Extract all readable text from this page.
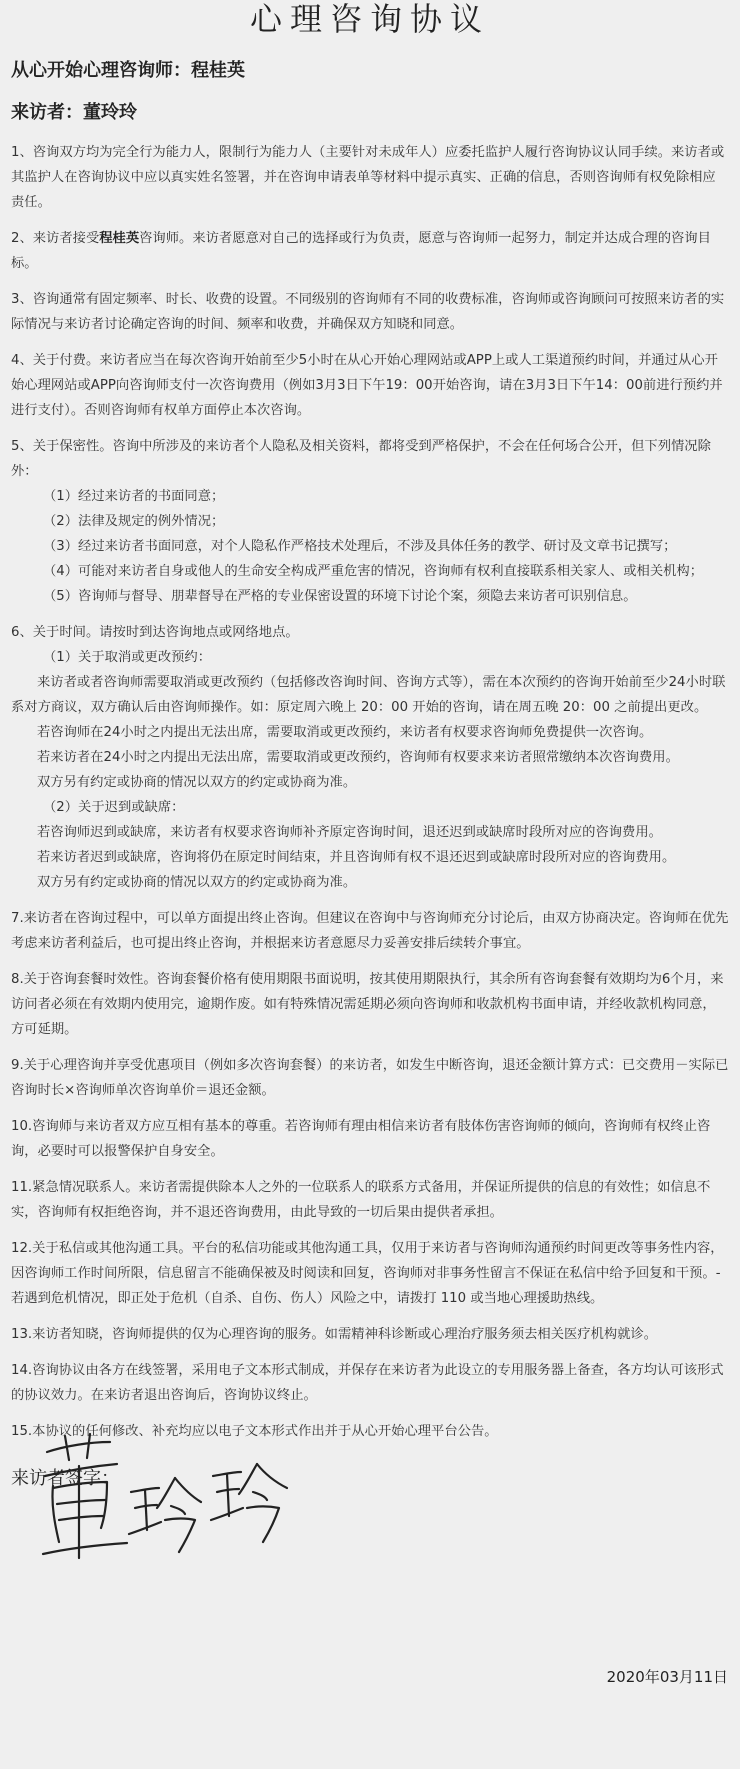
心理咨询协议
从心开始心理咨询师：程桂英
来访者：董玲玲

1、咨询双方均为完全行为能力人，限制行为能力人（主要针对未成年人）应委托监护人履行咨询协议认同手续。来访者或其监护人在咨询协议中应以真实姓名签署，并在咨询申请表单等材料中提示真实、正确的信息，否则咨询师有权免除相应责任。

2、来访者接受程桂英咨询师。来访者愿意对自己的选择或行为负责，愿意与咨询师一起努力，制定并达成合理的咨询目标。

3、咨询通常有固定频率、时长、收费的设置。不同级别的咨询师有不同的收费标准，咨询师或咨询顾问可按照来访者的实际情况与来访者讨论确定咨询的时间、频率和收费，并确保双方知晓和同意。

4、关于付费。来访者应当在每次咨询开始前至少5小时在从心开始心理网站或APP上或人工渠道预约时间，并通过从心开始心理网站或APP向咨询师支付一次咨询费用（例如3月3日下午19：00开始咨询，请在3月3日下午14：00前进行预约并进行支付）。否则咨询师有权单方面停止本次咨询。

5、关于保密性。咨询中所涉及的来访者个人隐私及相关资料，都将受到严格保护，不会在任何场合公开，但下列情况除外：

（1）经过来访者的书面同意；

（2）法律及规定的例外情况；

（3）经过来访者书面同意，对个人隐私作严格技术处理后，不涉及具体任务的教学、研讨及文章书记撰写；

（4）可能对来访者自身或他人的生命安全构成严重危害的情况，咨询师有权利直接联系相关家人、或相关机构；

（5）咨询师与督导、朋辈督导在严格的专业保密设置的环境下讨论个案，须隐去来访者可识别信息。

6、关于时间。请按时到达咨询地点或网络地点。

（1）关于取消或更改预约：

来访者或者咨询师需要取消或更改预约（包括修改咨询时间、咨询方式等），需在本次预约的咨询开始前至少24小时联系对方商议，双方确认后由咨询师操作。如：原定周六晚上 20：00 开始的咨询，请在周五晚 20：00 之前提出更改。

若咨询师在24小时之内提出无法出席，需要取消或更改预约，来访者有权要求咨询师免费提供一次咨询。

若来访者在24小时之内提出无法出席，需要取消或更改预约，咨询师有权要求来访者照常缴纳本次咨询费用。

双方另有约定或协商的情况以双方的约定或协商为准。

（2）关于迟到或缺席：

若咨询师迟到或缺席，来访者有权要求咨询师补齐原定咨询时间，退还迟到或缺席时段所对应的咨询费用。

若来访者迟到或缺席，咨询将仍在原定时间结束，并且咨询师有权不退还迟到或缺席时段所对应的咨询费用。

双方另有约定或协商的情况以双方的约定或协商为准。

7.来访者在咨询过程中，可以单方面提出终止咨询。但建议在咨询中与咨询师充分讨论后，由双方协商决定。咨询师在优先考虑来访者利益后，也可提出终止咨询，并根据来访者意愿尽力妥善安排后续转介事宜。

8.关于咨询套餐时效性。咨询套餐价格有使用期限书面说明，按其使用期限执行，其余所有咨询套餐有效期均为6个月，来访问者必须在有效期内使用完，逾期作废。如有特殊情况需延期必须向咨询师和收款机构书面申请，并经收款机构同意，方可延期。

9.关于心理咨询并享受优惠项目（例如多次咨询套餐）的来访者，如发生中断咨询，退还金额计算方式：已交费用－实际已咨询时长×咨询师单次咨询单价＝退还金额。

10.咨询师与来访者双方应互相有基本的尊重。若咨询师有理由相信来访者有肢体伤害咨询师的倾向，咨询师有权终止咨询，必要时可以报警保护自身安全。

11.紧急情况联系人。来访者需提供除本人之外的一位联系人的联系方式备用，并保证所提供的信息的有效性；如信息不实，咨询师有权拒绝咨询，并不退还咨询费用，由此导致的一切后果由提供者承担。

12.关于私信或其他沟通工具。平台的私信功能或其他沟通工具，仅用于来访者与咨询师沟通预约时间更改等事务性内容，因咨询师工作时间所限，信息留言不能确保被及时阅读和回复，咨询师对非事务性留言不保证在私信中给予回复和干预。- 若遇到危机情况，即正处于危机（自杀、自伤、伤人）风险之中，请拨打 110 或当地心理援助热线。

13.来访者知晓，咨询师提供的仅为心理咨询的服务。如需精神科诊断或心理治疗服务须去相关医疗机构就诊。

14.咨询协议由各方在线签署，采用电子文本形式制成，并保存在来访者为此设立的专用服务器上备查，各方均认可该形式的协议效力。在来访者退出咨询后，咨询协议终止。

15.本协议的任何修改、补充均应以电子文本形式作出并于从心开始心理平台公告。

来访者签字：
2020年03月11日
